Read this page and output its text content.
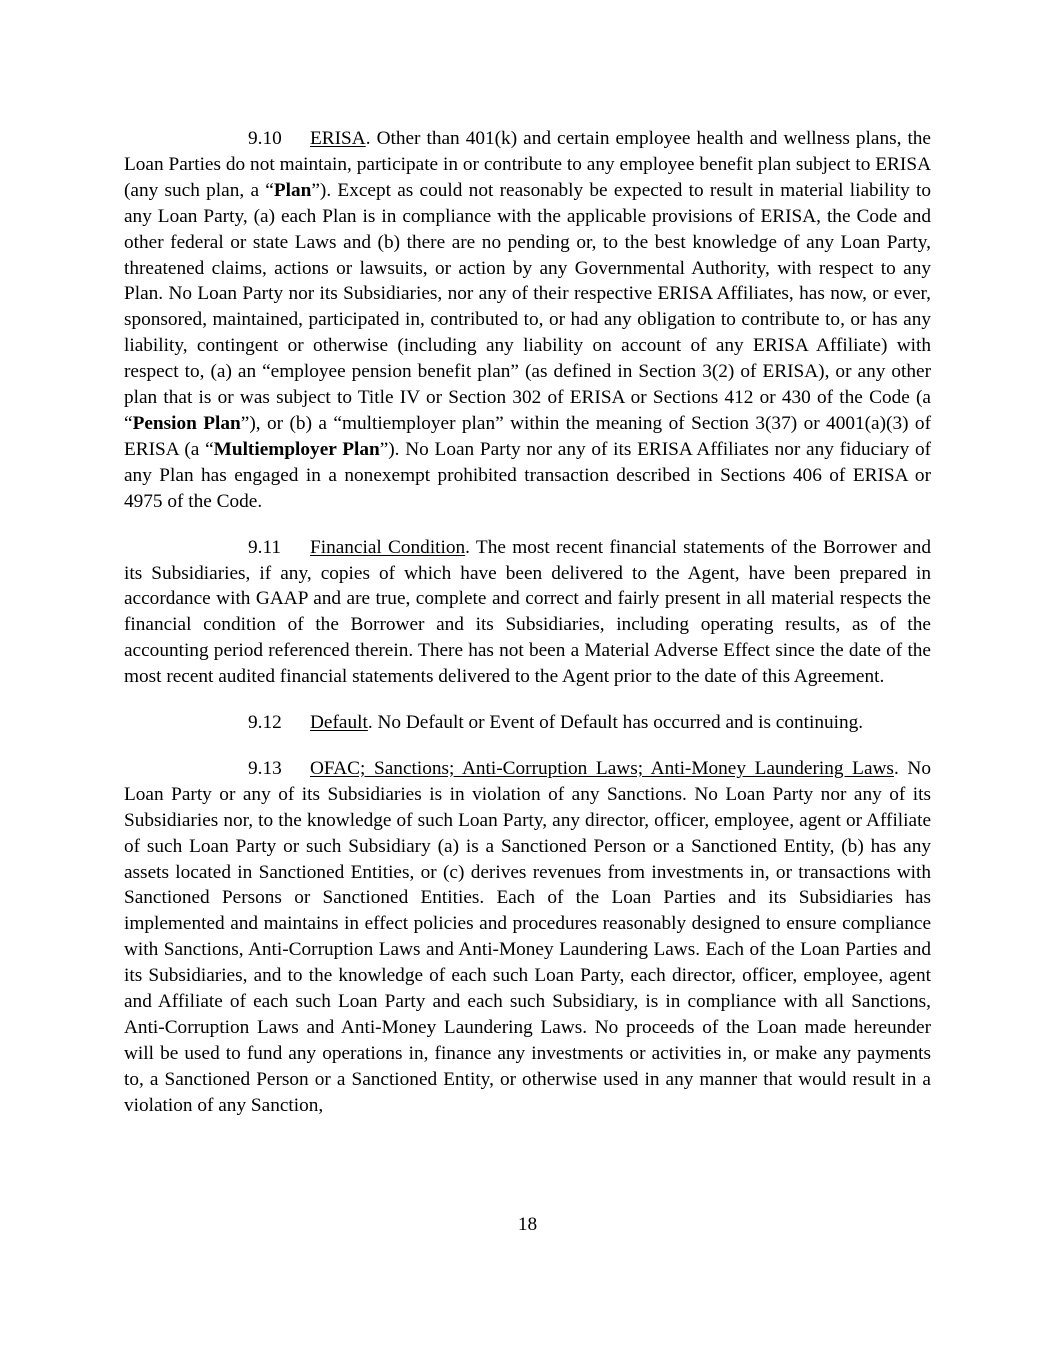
9.10 ERISA. Other than 401(k) and certain employee health and wellness plans, the Loan Parties do not maintain, participate in or contribute to any employee benefit plan subject to ERISA (any such plan, a “Plan”). Except as could not reasonably be expected to result in material liability to any Loan Party, (a) each Plan is in compliance with the applicable provisions of ERISA, the Code and other federal or state Laws and (b) there are no pending or, to the best knowledge of any Loan Party, threatened claims, actions or lawsuits, or action by any Governmental Authority, with respect to any Plan. No Loan Party nor its Subsidiaries, nor any of their respective ERISA Affiliates, has now, or ever, sponsored, maintained, participated in, contributed to, or had any obligation to contribute to, or has any liability, contingent or otherwise (including any liability on account of any ERISA Affiliate) with respect to, (a) an “employee pension benefit plan” (as defined in Section 3(2) of ERISA), or any other plan that is or was subject to Title IV or Section 302 of ERISA or Sections 412 or 430 of the Code (a “Pension Plan”), or (b) a “multiemployer plan” within the meaning of Section 3(37) or 4001(a)(3) of ERISA (a “Multiemployer Plan”). No Loan Party nor any of its ERISA Affiliates nor any fiduciary of any Plan has engaged in a nonexempt prohibited transaction described in Sections 406 of ERISA or 4975 of the Code.

9.11 Financial Condition. The most recent financial statements of the Borrower and its Subsidiaries, if any, copies of which have been delivered to the Agent, have been prepared in accordance with GAAP and are true, complete and correct and fairly present in all material respects the financial condition of the Borrower and its Subsidiaries, including operating results, as of the accounting period referenced therein. There has not been a Material Adverse Effect since the date of the most recent audited financial statements delivered to the Agent prior to the date of this Agreement.

9.12 Default. No Default or Event of Default has occurred and is continuing.

9.13 OFAC; Sanctions; Anti-Corruption Laws; Anti-Money Laundering Laws. No Loan Party or any of its Subsidiaries is in violation of any Sanctions. No Loan Party nor any of its Subsidiaries nor, to the knowledge of such Loan Party, any director, officer, employee, agent or Affiliate of such Loan Party or such Subsidiary (a) is a Sanctioned Person or a Sanctioned Entity, (b) has any assets located in Sanctioned Entities, or (c) derives revenues from investments in, or transactions with Sanctioned Persons or Sanctioned Entities. Each of the Loan Parties and its Subsidiaries has implemented and maintains in effect policies and procedures reasonably designed to ensure compliance with Sanctions, Anti-Corruption Laws and Anti-Money Laundering Laws. Each of the Loan Parties and its Subsidiaries, and to the knowledge of each such Loan Party, each director, officer, employee, agent and Affiliate of each such Loan Party and each such Subsidiary, is in compliance with all Sanctions, Anti-Corruption Laws and Anti-Money Laundering Laws. No proceeds of the Loan made hereunder will be used to fund any operations in, finance any investments or activities in, or make any payments to, a Sanctioned Person or a Sanctioned Entity, or otherwise used in any manner that would result in a violation of any Sanction,

18
